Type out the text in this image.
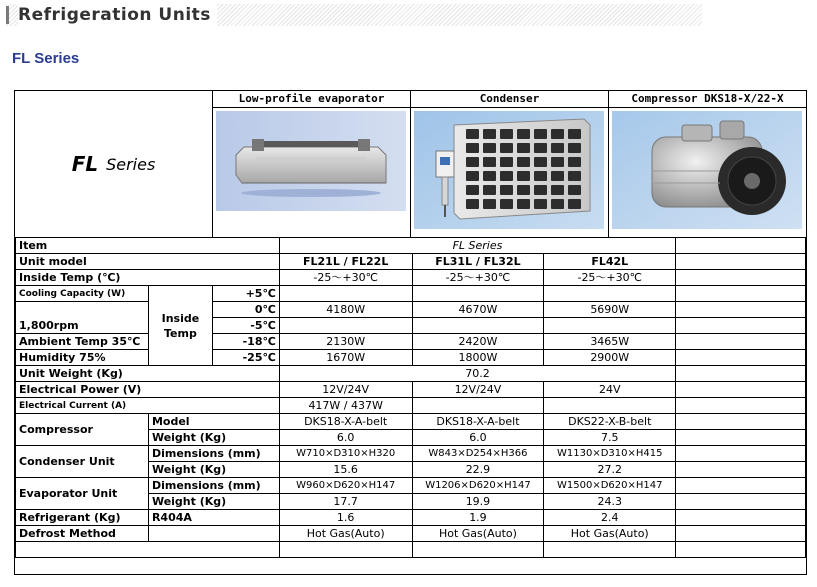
Refrigeration Units
FL Series
FL Series
Low-profile evaporator	Condenser	Compressor DKS18-X/22-X
Item			FL Series			
Unit model			FL21L / FL22L	FL31L / FL32L	FL42L	
Inside Temp (℃)			-25～+30℃	-25～+30℃	-25～+30℃	
Cooling Capacity (W)	Inside Temp	+5℃				
1,800rpm		0℃	4180W	4670W	5690W	
		-5℃				
Ambient Temp 35℃		-18℃	2130W	2420W	3465W	
Humidity 75%		-25℃	1670W	1800W	2900W	
Unit Weight (Kg)			70.2			
Electrical Power (V)			12V/24V	12V/24V	24V	
Electrical Current (A)			417W / 437W			
Compressor	Model		DKS18-X-A-belt	DKS18-X-A-belt	DKS22-X-B-belt	
	Weight (Kg)		6.0	6.0	7.5	
Condenser Unit	Dimensions (mm)		W710×D310×H320	W843×D254×H366	W1130×D310×H415	
	Weight (Kg)		15.6	22.9	27.2	
Evaporator Unit	Dimensions (mm)		W960×D620×H147	W1206×D620×H147	W1500×D620×H147	
	Weight (Kg)		17.7	19.9	24.3	
Refrigerant (Kg)	R404A		1.6	1.9	2.4	
Defrost Method			Hot Gas(Auto)	Hot Gas(Auto)	Hot Gas(Auto)	
